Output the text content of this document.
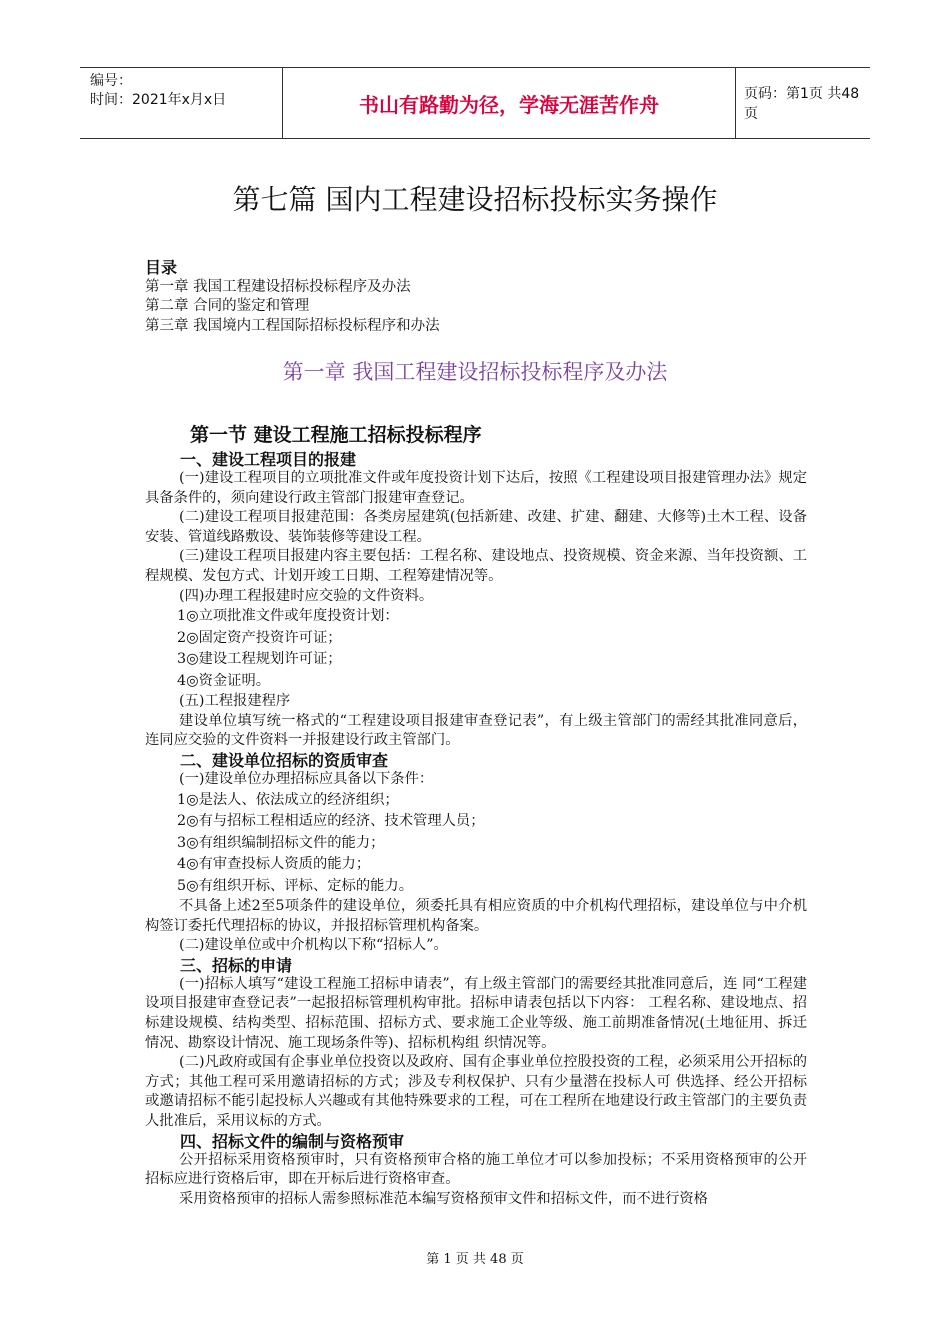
编号：
时间：2021年x月x日	书山有路勤为径，学海无涯苦作舟	页码：第1页 共48页
第七篇 国内工程建设招标投标实务操作
目录
第一章 我国工程建设招标投标程序及办法
第二章 合同的鉴定和管理
第三章 我国境内工程国际招标投标程序和办法
第一章 我国工程建设招标投标程序及办法

第一节 建设工程施工招标投标程序

一、建设工程项目的报建

(一)建设工程项目的立项批准文件或年度投资计划下达后，按照《工程建设项目报建管理办法》规定具备条件的，须向建设行政主管部门报建审查登记。

(二)建设工程项目报建范围：各类房屋建筑(包括新建、改建、扩建、翻建、大修等)土木工程、设备安装、管道线路敷设、装饰装修等建设工程。

(三)建设工程项目报建内容主要包括：工程名称、建设地点、投资规模、资金来源、当年投资额、工程规模、发包方式、计划开竣工日期、工程筹建情况等。

(四)办理工程报建时应交验的文件资料。

1◎立项批准文件或年度投资计划：

2◎固定资产投资许可证；

3◎建设工程规划许可证；

4◎资金证明。

(五)工程报建程序

建设单位填写统一格式的“工程建设项目报建审查登记表”，有上级主管部门的需经其批准同意后，连同应交验的文件资料一并报建设行政主管部门。

二、建设单位招标的资质审查

(一)建设单位办理招标应具备以下条件：

1◎是法人、依法成立的经济组织；

2◎有与招标工程相适应的经济、技术管理人员；

3◎有组织编制招标文件的能力；

4◎有审查投标人资质的能力；

5◎有组织开标、评标、定标的能力。

不具备上述2至5项条件的建设单位，须委托具有相应资质的中介机构代理招标，建设单位与中介机构签订委托代理招标的协议，并报招标管理机构备案。

(二)建设单位或中介机构以下称“招标人”。

三、招标的申请

(一)招标人填写“建设工程施工招标申请表”，有上级主管部门的需要经其批准同意后，连 同“工程建设项目报建审查登记表”一起报招标管理机构审批。招标申请表包括以下内容： 工程名称、建设地点、招标建设规模、结构类型、招标范围、招标方式、要求施工企业等级、施工前期准备情况(土地征用、拆迁情况、勘察设计情况、施工现场条件等)、招标机构组 织情况等。

(二)凡政府或国有企事业单位投资以及政府、国有企事业单位控股投资的工程，必须采用公开招标的方式；其他工程可采用邀请招标的方式；涉及专利权保护、只有少量潜在投标人可 供选择、经公开招标或邀请招标不能引起投标人兴趣或有其他特殊要求的工程，可在工程所在地建设行政主管部门的主要负责人批准后，采用议标的方式。

四、招标文件的编制与资格预审

公开招标采用资格预审时，只有资格预审合格的施工单位才可以参加投标；不采用资格预审的公开招标应进行资格后审，即在开标后进行资格审查。

采用资格预审的招标人需参照标准范本编写资格预审文件和招标文件，而不进行资格

第 1 页 共 48 页
